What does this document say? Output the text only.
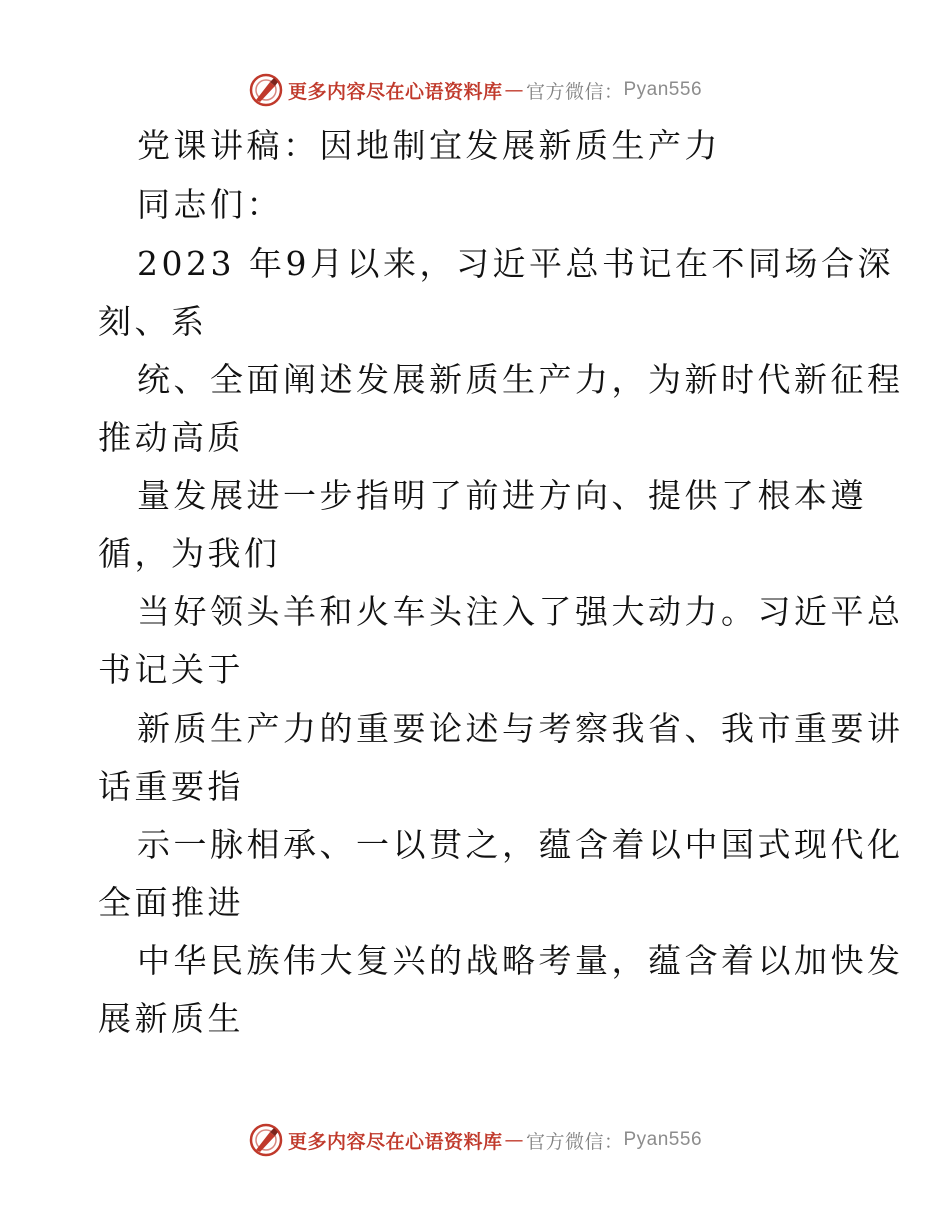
更多内容尽在心语资料库 — 官方微信： Pyan556
党课讲稿：因地制宜发展新质生产力
同志们：
2023 年9月以来，习近平总书记在不同场合深
刻、系
统、全面阐述发展新质生产力，为新时代新征程
推动高质
量发展进一步指明了前进方向、提供了根本遵
循，为我们
当好领头羊和火车头注入了强大动力。习近平总
书记关于
新质生产力的重要论述与考察我省、我市重要讲
话重要指
示一脉相承、一以贯之，蕴含着以中国式现代化
全面推进
中华民族伟大复兴的战略考量，蕴含着以加快发
展新质生
更多内容尽在心语资料库 — 官方微信： Pyan556
